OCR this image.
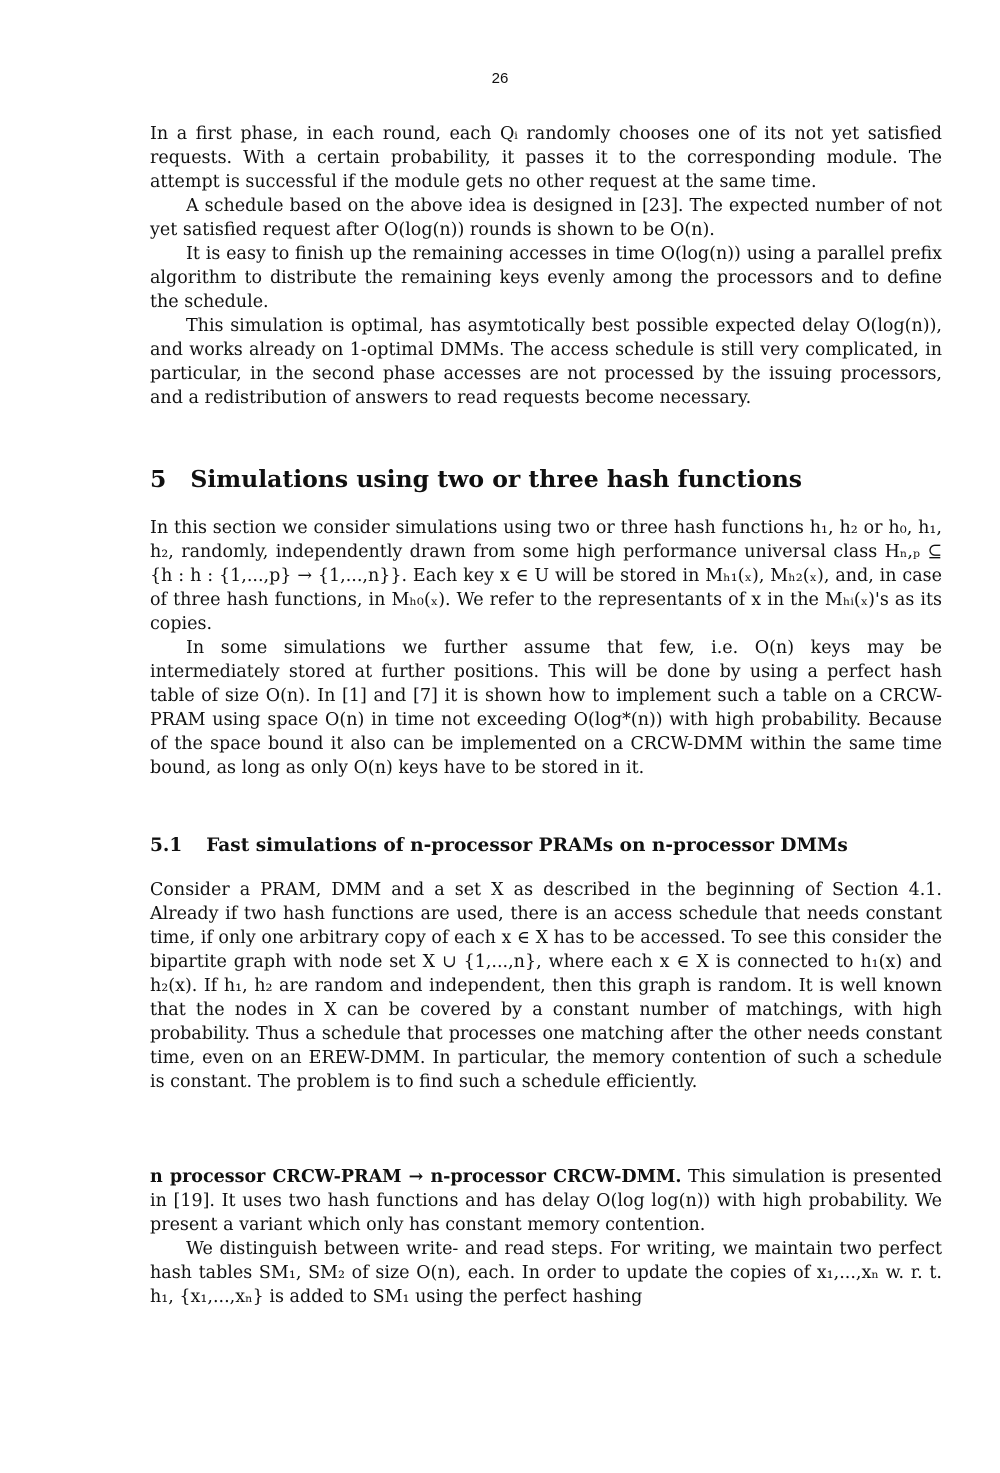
26

In a first phase, in each round, each Qᵢ randomly chooses one of its not yet satisfied requests. With a certain probability, it passes it to the corresponding module. The attempt is successful if the module gets no other request at the same time.

A schedule based on the above idea is designed in [23]. The expected number of not yet satisfied request after O(log(n)) rounds is shown to be O(n).

It is easy to finish up the remaining accesses in time O(log(n)) using a parallel prefix algorithm to distribute the remaining keys evenly among the processors and to define the schedule.

This simulation is optimal, has asymtotically best possible expected delay O(log(n)), and works already on 1-optimal DMMs. The access schedule is still very complicated, in particular, in the second phase accesses are not processed by the issuing processors, and a redistribution of answers to read requests become necessary.

5 Simulations using two or three hash functions

In this section we consider simulations using two or three hash functions h₁, h₂ or h₀, h₁, h₂, randomly, independently drawn from some high performance universal class Hₙ,ₚ ⊆ {h : h : {1,...,p} → {1,...,n}}. Each key x ∈ U will be stored in Mₕ₁(ₓ), Mₕ₂(ₓ), and, in case of three hash functions, in Mₕ₀(ₓ). We refer to the representants of x in the Mₕᵢ(ₓ)'s as its copies.

In some simulations we further assume that few, i.e. O(n) keys may be intermediately stored at further positions. This will be done by using a perfect hash table of size O(n). In [1] and [7] it is shown how to implement such a table on a CRCW-PRAM using space O(n) in time not exceeding O(log*(n)) with high probability. Because of the space bound it also can be implemented on a CRCW-DMM within the same time bound, as long as only O(n) keys have to be stored in it.

5.1 Fast simulations of n-processor PRAMs on n-processor DMMs

Consider a PRAM, DMM and a set X as described in the beginning of Section 4.1. Already if two hash functions are used, there is an access schedule that needs constant time, if only one arbitrary copy of each x ∈ X has to be accessed. To see this consider the bipartite graph with node set X ∪ {1,...,n}, where each x ∈ X is connected to h₁(x) and h₂(x). If h₁, h₂ are random and independent, then this graph is random. It is well known that the nodes in X can be covered by a constant number of matchings, with high probability. Thus a schedule that processes one matching after the other needs constant time, even on an EREW-DMM. In particular, the memory contention of such a schedule is constant. The problem is to find such a schedule efficiently.

n processor CRCW-PRAM → n-processor CRCW-DMM. This simulation is presented in [19]. It uses two hash functions and has delay O(log log(n)) with high probability. We present a variant which only has constant memory contention.

We distinguish between write- and read steps. For writing, we maintain two perfect hash tables SM₁, SM₂ of size O(n), each. In order to update the copies of x₁,...,xₙ w. r. t. h₁, {x₁,...,xₙ} is added to SM₁ using the perfect hashing
